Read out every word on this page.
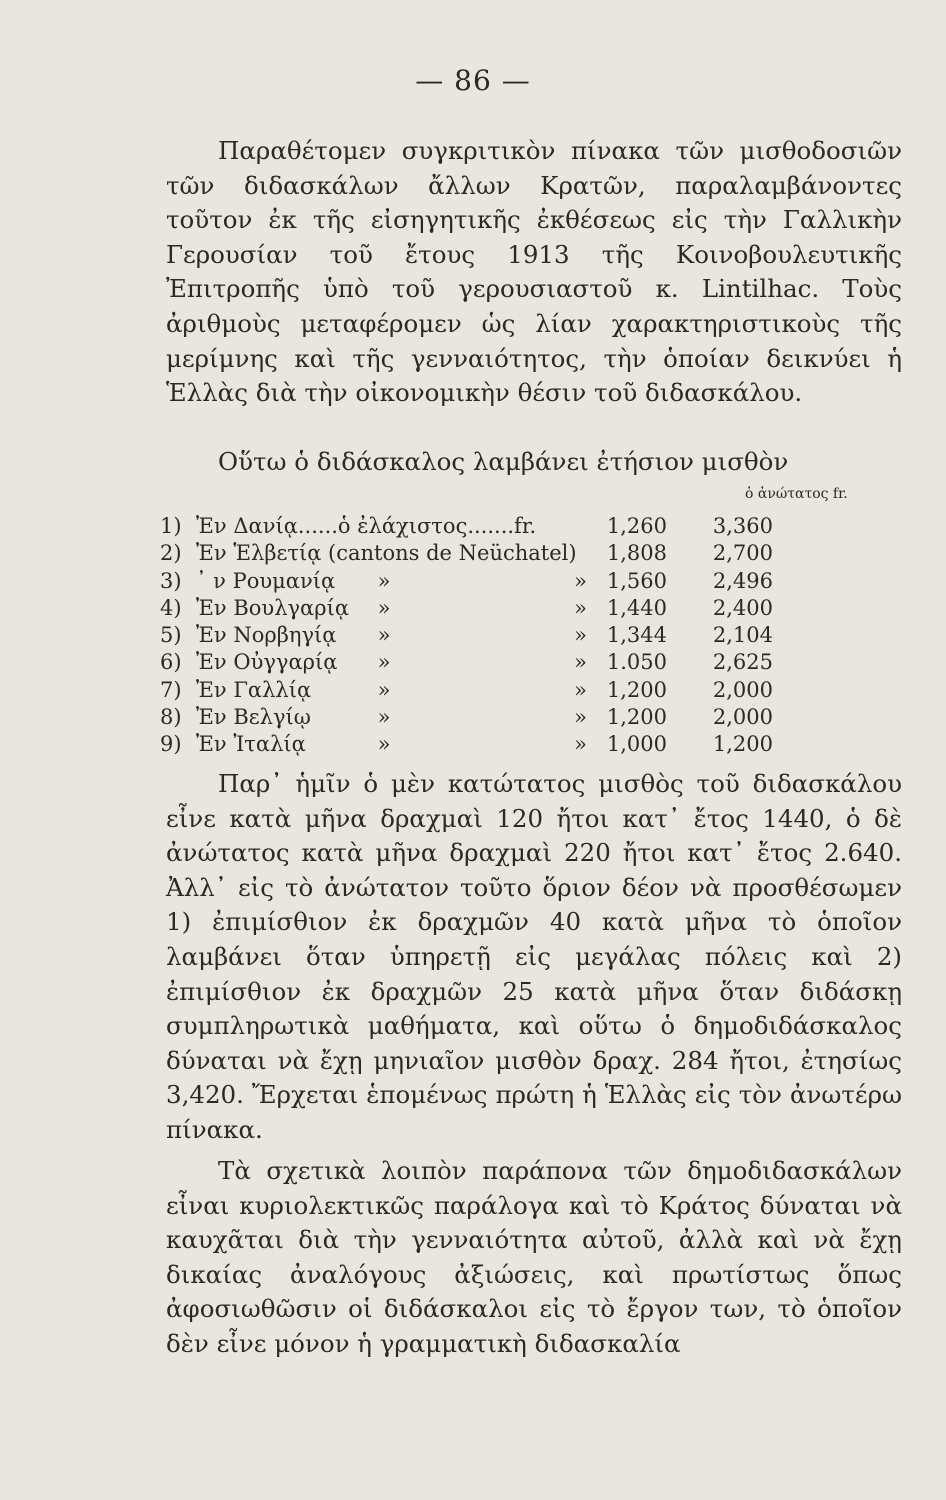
— 86 —

Παραθέτομεν συγκριτικὸν πίνακα τῶν μισθοδοσιῶν τῶν διδασκάλων ἄλλων Κρατῶν, παραλαμβάνοντες τοῦτον ἐκ τῆς εἰσηγητικῆς ἐκθέσεως εἰς τὴν Γαλλικὴν Γερουσίαν τοῦ ἔτους 1913 τῆς Κοινοβουλευτικῆς Ἐπιτροπῆς ὑπὸ τοῦ γερουσιαστοῦ κ. Lintilhac. Τοὺς ἀριθμοὺς μεταφέρομεν ὡς λίαν χαρακτηριστικοὺς τῆς μερίμνης καὶ τῆς γενναιότητος, τὴν ὁποίαν δεικνύει ἡ Ἑλλὰς διὰ τὴν οἰκονομικὴν θέσιν τοῦ διδασκάλου.

Οὕτω ὁ διδάσκαλος λαμβάνει ἐτήσιον μισθὸν

ὁ ἀνώτατος fr.
1)	Ἐν Δανίᾳ......ὁ ἐλάχιστος.......fr.			1,260	3,360
2)	Ἐν Ἑλβετίᾳ (cantons de Neüchatel)			1,808	2,700
3)	᾿ ν Ρουμανίᾳ	»	»	1,560	2,496
4)	Ἐν Βουλγαρίᾳ	»	»	1,440	2,400
5)	Ἐν Νορβηγίᾳ	»	»	1,344	2,104
6)	Ἐν Οὐγγαρίᾳ	»	»	1.050	2,625
7)	Ἐν Γαλλίᾳ	»	»	1,200	2,000
8)	Ἐν Βελγίῳ	»	»	1,200	2,000
9)	Ἐν Ἰταλίᾳ	»	»	1,000	1,200

Παρ᾿ ἡμῖν ὁ μὲν κατώτατος μισθὸς τοῦ διδασκάλου εἶνε κατὰ μῆνα δραχμαὶ 120 ἤτοι κατ᾿ ἔτος 1440, ὁ δὲ ἀνώτατος κατὰ μῆνα δραχμαὶ 220 ἤτοι κατ᾿ ἔτος 2.640. Ἀλλ᾿ εἰς τὸ ἀνώτατον τοῦτο ὅριον δέον νὰ προσθέσωμεν 1) ἐπιμίσθιον ἐκ δραχμῶν 40 κατὰ μῆνα τὸ ὁποῖον λαμβάνει ὅταν ὑπηρετῇ εἰς μεγάλας πόλεις καὶ 2) ἐπιμίσθιον ἐκ δραχμῶν 25 κατὰ μῆνα ὅταν διδάσκῃ συμπληρωτικὰ μαθήματα, καὶ οὕτω ὁ δημοδιδάσκαλος δύναται νὰ ἔχῃ μηνιαῖον μισθὸν δραχ. 284 ἤτοι, ἐτησίως 3,420. Ἔρχεται ἑπομένως πρώτη ἡ Ἑλλὰς εἰς τὸν ἀνωτέρω πίνακα.

Τὰ σχετικὰ λοιπὸν παράπονα τῶν δημοδιδασκάλων εἶναι κυριολεκτικῶς παράλογα καὶ τὸ Κράτος δύναται νὰ καυχᾶται διὰ τὴν γενναιότητα αὐτοῦ, ἀλλὰ καὶ νὰ ἔχῃ δικαίας ἀναλόγους ἀξιώσεις, καὶ πρωτίστως ὅπως ἀφοσιωθῶσιν οἱ διδάσκαλοι εἰς τὸ ἔργον των, τὸ ὁποῖον δὲν εἶνε μόνον ἡ γραμματικὴ διδασκαλία
